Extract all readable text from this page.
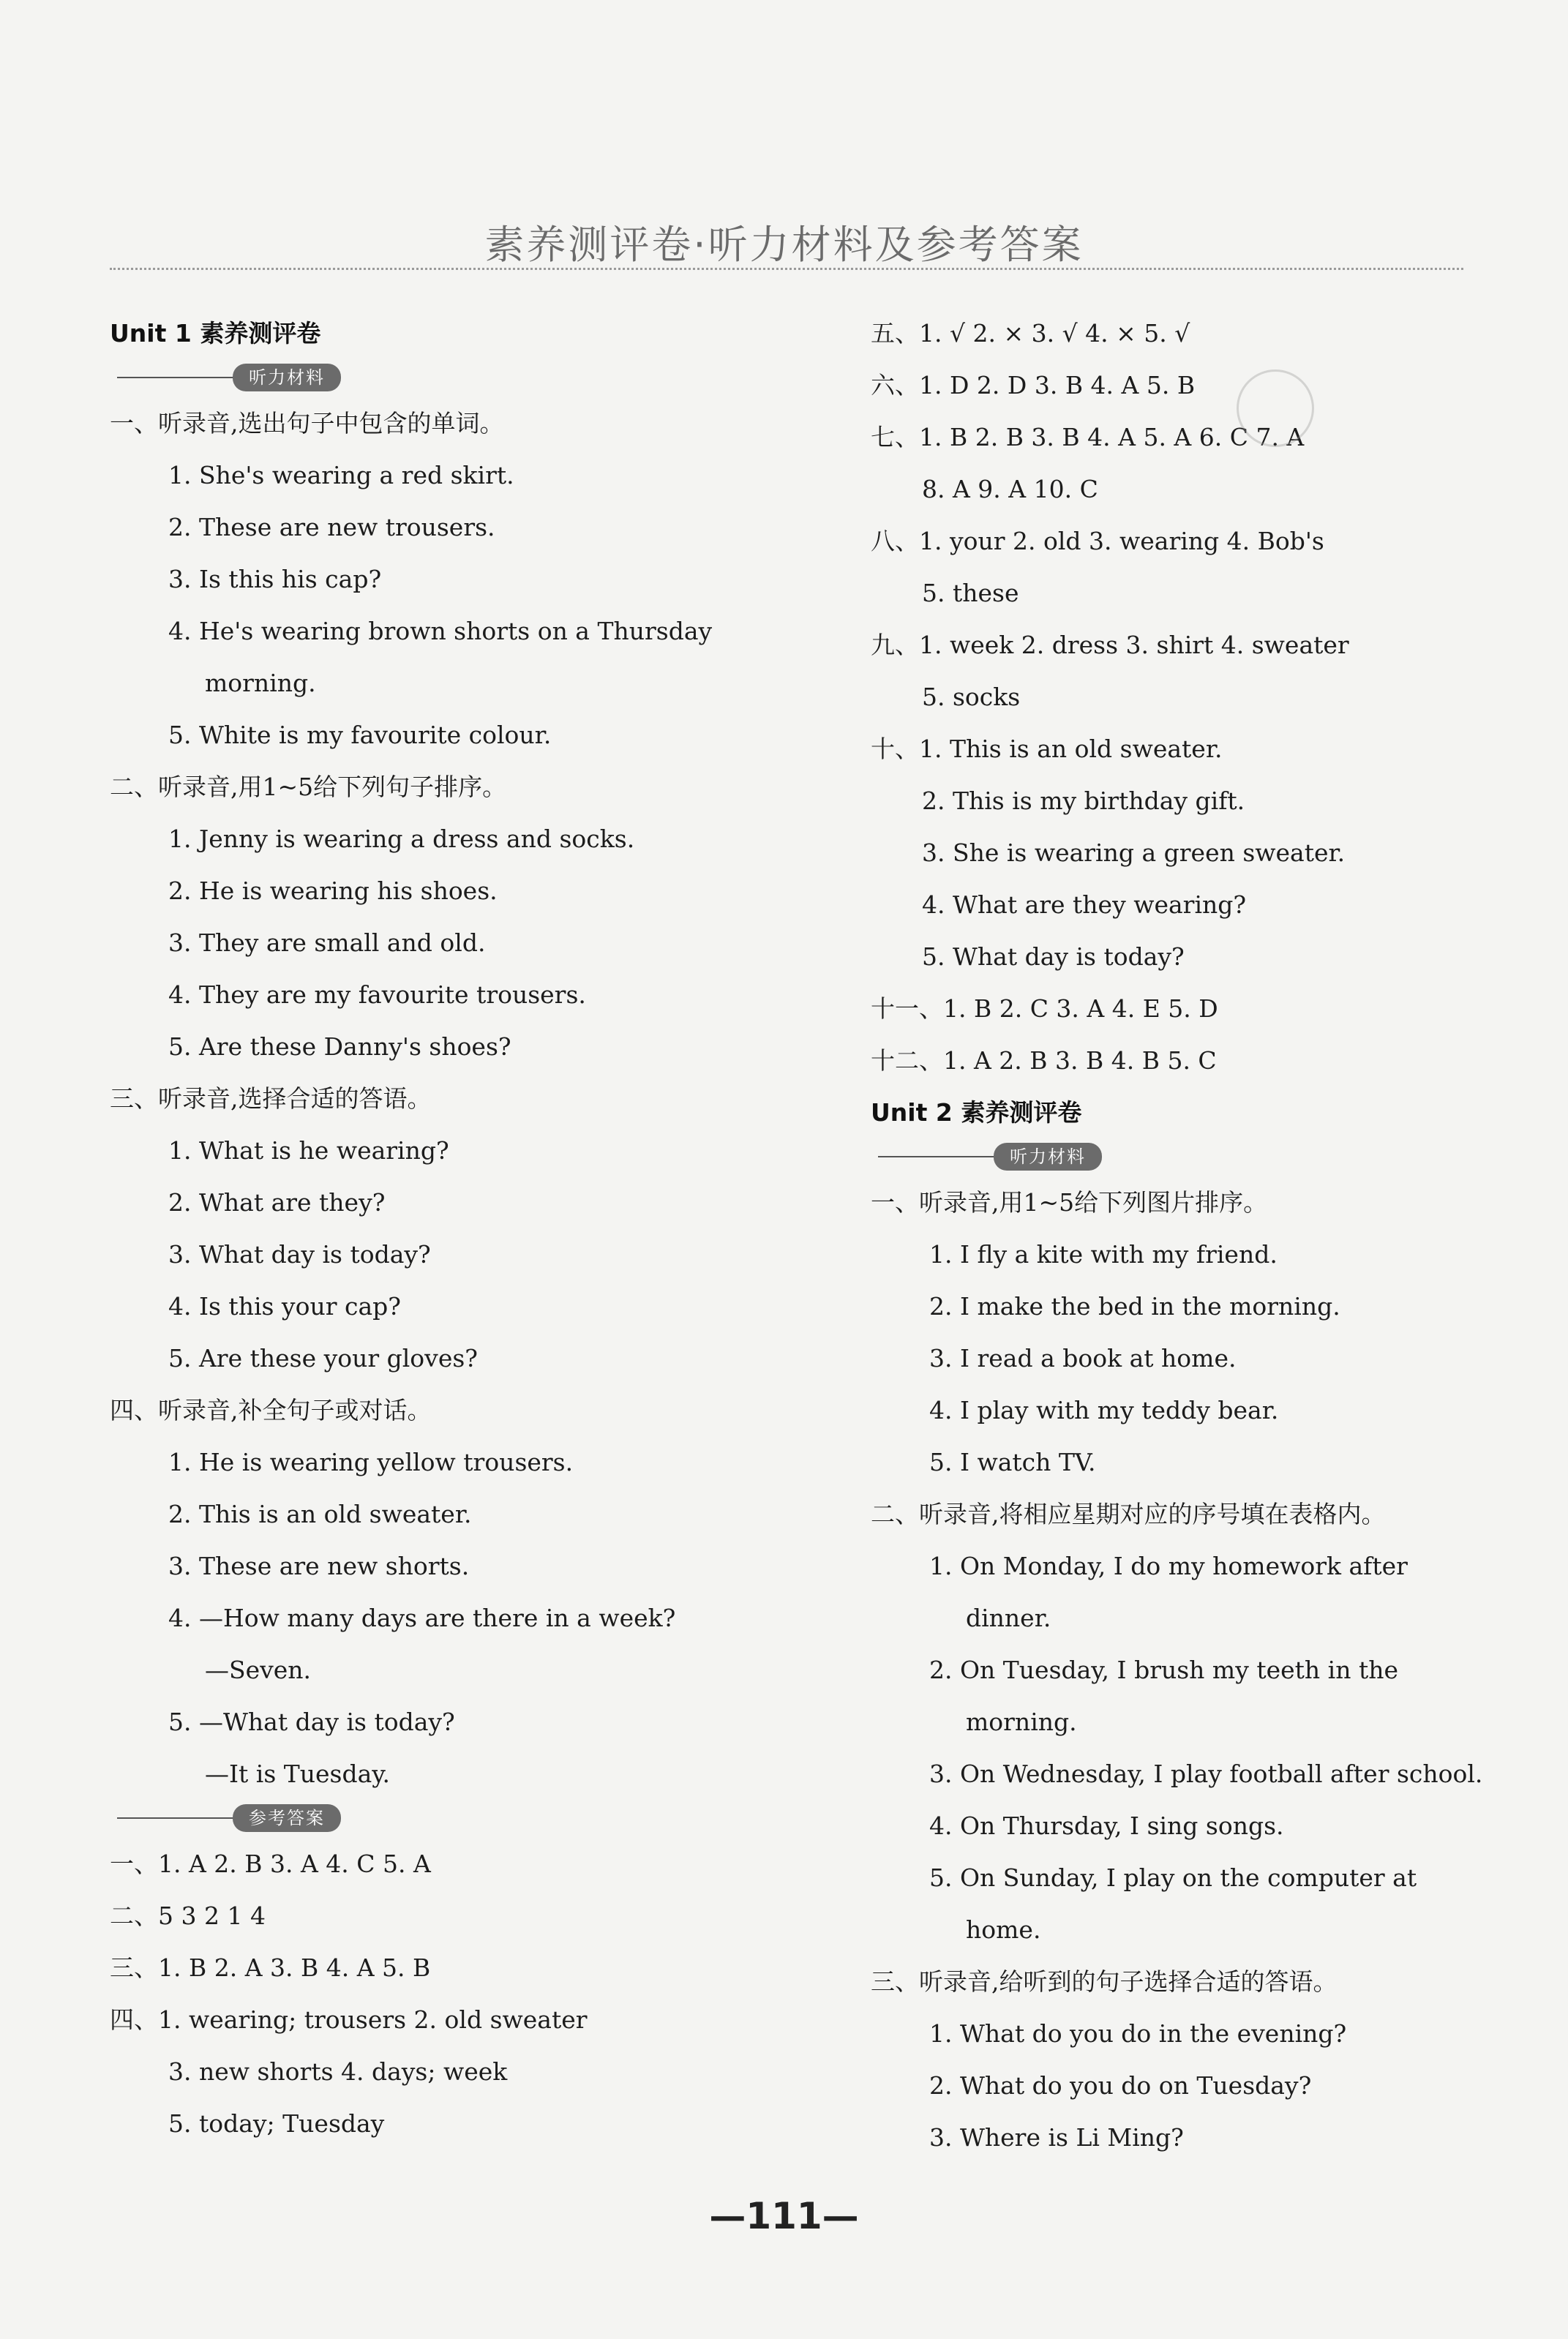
素养测评卷·听力材料及参考答案
Unit 1 素养测评卷
听力材料
一、听录音,选出句子中包含的单词。
1. She's wearing a red skirt.
2. These are new trousers.
3. Is this his cap?
4. He's wearing brown shorts on a Thursday
morning.
5. White is my favourite colour.
二、听录音,用1~5给下列句子排序。
1. Jenny is wearing a dress and socks.
2. He is wearing his shoes.
3. They are small and old.
4. They are my favourite trousers.
5. Are these Danny's shoes?
三、听录音,选择合适的答语。
1. What is he wearing?
2. What are they?
3. What day is today?
4. Is this your cap?
5. Are these your gloves?
四、听录音,补全句子或对话。
1. He is wearing yellow trousers.
2. This is an old sweater.
3. These are new shorts.
4. —How many days are there in a week?
—Seven.
5. —What day is today?
—It is Tuesday.
参考答案
一、1. A 2. B 3. A 4. C 5. A
二、5 3 2 1 4
三、1. B 2. A 3. B 4. A 5. B
四、1. wearing; trousers 2. old sweater
3. new shorts 4. days; week
5. today; Tuesday
五、1. √ 2. × 3. √ 4. × 5. √
六、1. D 2. D 3. B 4. A 5. B
七、1. B 2. B 3. B 4. A 5. A 6. C 7. A
8. A 9. A 10. C
八、1. your 2. old 3. wearing 4. Bob's
5. these
九、1. week 2. dress 3. shirt 4. sweater
5. socks
十、1. This is an old sweater.
2. This is my birthday gift.
3. She is wearing a green sweater.
4. What are they wearing?
5. What day is today?
十一、1. B 2. C 3. A 4. E 5. D
十二、1. A 2. B 3. B 4. B 5. C
Unit 2 素养测评卷
听力材料
一、听录音,用1~5给下列图片排序。
1. I fly a kite with my friend.
2. I make the bed in the morning.
3. I read a book at home.
4. I play with my teddy bear.
5. I watch TV.
二、听录音,将相应星期对应的序号填在表格内。
1. On Monday, I do my homework after
dinner.
2. On Tuesday, I brush my teeth in the
morning.
3. On Wednesday, I play football after school.
4. On Thursday, I sing songs.
5. On Sunday, I play on the computer at
home.
三、听录音,给听到的句子选择合适的答语。
1. What do you do in the evening?
2. What do you do on Tuesday?
3. Where is Li Ming?
—111—
